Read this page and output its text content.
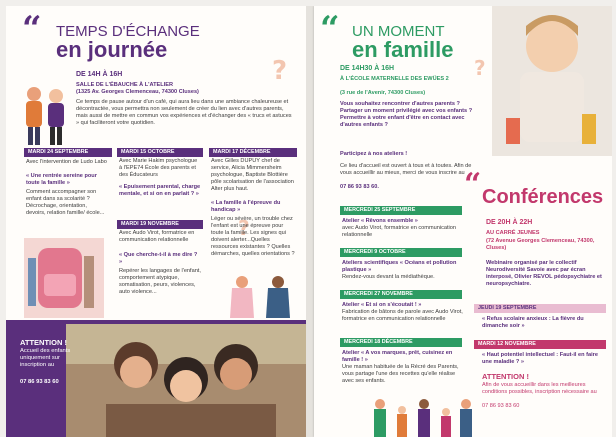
“ TEMPS D'ÉCHANGE
en journée
DE 14H À 16H
SALLE DE L'ÉBAUCHE À L'ATELIER
(1325 Av. Georges Clemenceau, 74300 Cluses)
Ce temps de pause autour d'un café, qui aura lieu dans une ambiance chaleureuse et décontractée, vous permettra non seulement de créer du lien avec d'autres parents, mais aussi de mettre en commun vos expériences et d'échanger des « trucs et astuces » qui faciliteront votre quotidien.
MARDI 24 SEPTEMBRE
Avec l'intervention de Ludo Labo
« Une rentrée sereine pour toute la famille »
Comment accompagner son enfant dans sa scolarité ? Décrochage, orientation, devoirs, relation famille/ école...
?
?
MARDI 15 OCTOBRE
Avec Marie Hakim psychologue à l'EPE74 École des parents et des Éducateurs
« Epuisement parental, charge mentale, et si on en parlait ? »
MARDI 19 NOVEMBRE
Avec Audo Virot, formatrice en communication relationnelle
« Que cherche-t-il à me dire ? »
Repérer les langages de l'enfant, comportement atypique, somatisation, peurs, violences, auto violence...
MARDI 17 DÉCEMBRE
Avec Gilles DUPUY chef de service, Alicia Mimmersheim psychologue, Baptiste Blottière pôle scolarisation de l'association Alter plus haut.
« La famille à l'épreuve du handicap »
Léger ou sévère, un trouble chez l'enfant est une épreuve pour toute la famille. Les signes qui doivent alerter...Quelles ressources existantes ? Quelles démarches, quelles orientations ?
ATTENTION !
Accueil des enfants uniquement sur inscription au
07 86 93 83 60
“ UN MOMENT
en famille
DE 14H30 À 16H
À L'ÉCOLE MATERNELLE DES EWÜES 2
(3 rue de l'Avenir, 74300 Cluses)
Vous souhaitez rencontrer d'autres parents ? Partager un moment privilégié avec vos enfants ? Permettre à votre enfant d'être en contact avec d'autres enfants ?
Participez à nos ateliers !
Ce lieu d'accueil est ouvert à tous et à toutes. Afin de vous accueillir au mieux, merci de vous inscrire au
07 86 93 83 60.
MERCREDI 25 SEPTEMBRE
Atelier « Rêvons ensemble »
avec Audo Virot, formatrice en communication relationnelle
MERCREDI 9 OCTOBRE
Ateliers scientifiques « Océans et pollution plastique »
Rendez-vous devant la médiathèque.
MERCREDI 27 NOVEMBRE
Atelier « Et si on s'écoutait ! »
Fabrication de bâtons de parole avec Audo Virot, formatrice en communication relationnelle
MERCREDI 18 DÉCEMBRE
Atelier « A vos marques, prêt, cuisinez en famille ! »
Une maman habituée de la Récré des Parents, vous partage l'une des recettes qu'elle réalise avec ses enfants.
?
“ Conférences
DE 20H À 22H
AU CARRÉ JEUNES
(72 Avenue Georges Clemenceau, 74300, Cluses)
Webinaire organisé par le collectif Neurodiversité Savoie avec par écran interposé, Olivier REVOL pédopsychiatre et neuropsychiatre.
JEUDI 19 SEPTEMBRE
« Refus scolaire anxieux : La fièvre du dimanche soir »
MARDI 12 NOVEMBRE
« Haut potentiel intellectuel : Faut-il en faire une maladie ? »
ATTENTION !
Afin de vous accueillir dans les meilleures conditions possibles, inscription nécessaire au
07 86 93 83 60
